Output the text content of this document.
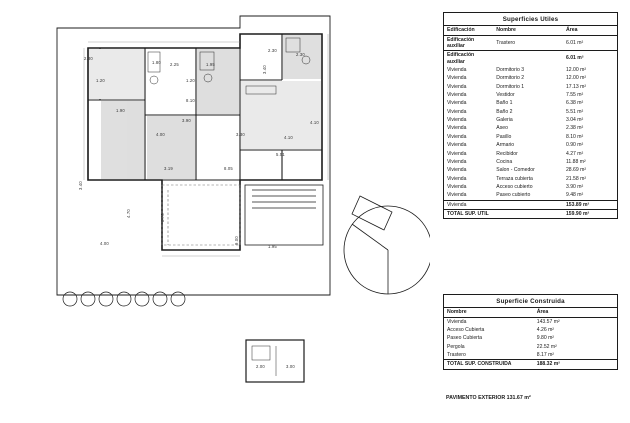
2.30
1.20
1.80 2.25
1.20
1.95
1.90
2.30
8.10
4.00
3.90
3.30
4.10
4.10
5.51
3.19	8.05
2.30
3.40
8.70
4.70
4.00	9.00
1.95
3.40
2.00	3.00
Superficies Utiles
Edificación	Nombre	Área
Edificación auxiliar	Trastero	6.01 m²
Edificación auxiliar		6.01 m²
Vivienda	Dormitorio 3	12.00 m²
Vivienda	Dormitorio 2	12.00 m²
Vivienda	Dormitorio 1	17.13 m²
Vivienda	Vestidor	7.55 m²
Vivienda	Baño 1	6.38 m²
Vivienda	Baño 2	5.51 m²
Vivienda	Galeria	3.04 m²
Vivienda	Aseo	2.38 m²
Vivienda	Pasillo	8.10 m²
Vivienda	Armario	0.90 m²
Vivienda	Recibidor	4.27 m²
Vivienda	Cocina	11.88 m²
Vivienda	Salon - Comedor	28.69 m²
Vivienda	Terraza cubierta	21.58 m²
Vivienda	Acceso cubierto	3.90 m²
Vivienda	Paseo cubierto	9.48 m²
Vivienda		153.89 m²
TOTAL SUP. UTIL		159.90 m²
Superficie Construida
Nombre	Área
Vivienda	143.57 m²
Acceso Cubierta	4.26 m²
Paseo Cubierta	9.80 m²
Pergola	22.52 m²
Trastero	8.17 m²
TOTAL SUP. CONSTRUIDA	188.32 m²
PAVIMENTO EXTERIOR 131.67 m²
